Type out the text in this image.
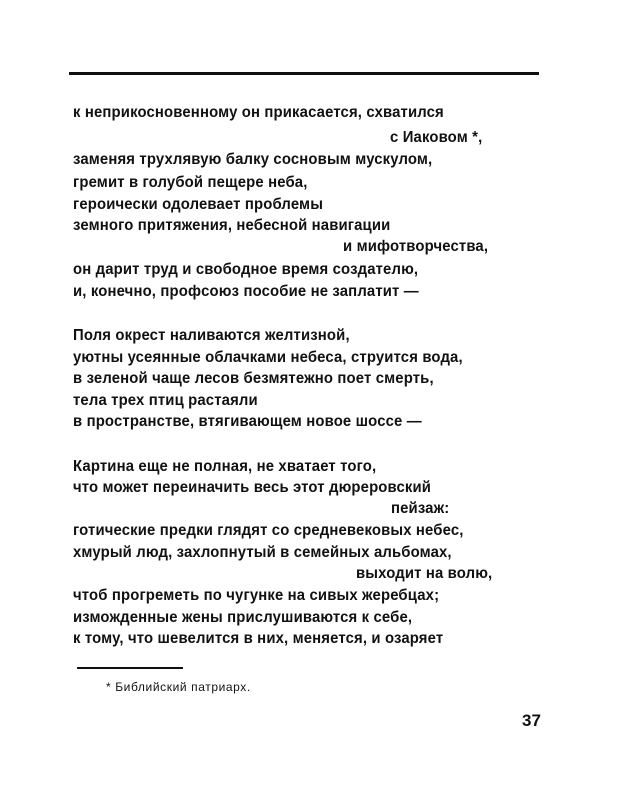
к неприкосновенному он прикасается, схватился
с Иаковом *,
заменяя трухлявую балку сосновым мускулом,
гремит в голубой пещере неба,
героически одолевает проблемы
земного притяжения, небесной навигации
и мифотворчества,
он дарит труд и свободное время создателю,
и, конечно, профсоюз пособие не заплатит —
Поля окрест наливаются желтизной,
уютны усеянные облачками небеса, струится вода,
в зеленой чаще лесов безмятежно поет смерть,
тела трех птиц растаяли
в пространстве, втягивающем новое шоссе —
Картина еще не полная, не хватает того,
что может переиначить весь этот дюреровский
пейзаж:
готические предки глядят со средневековых небес,
хмурый люд, захлопнутый в семейных альбомах,
выходит на волю,
чтоб прогреметь по чугунке на сивых жеребцах;
изможденные жены прислушиваются к себе,
к тому, что шевелится в них, меняется, и озаряет
* Библийский патриарх.
37
